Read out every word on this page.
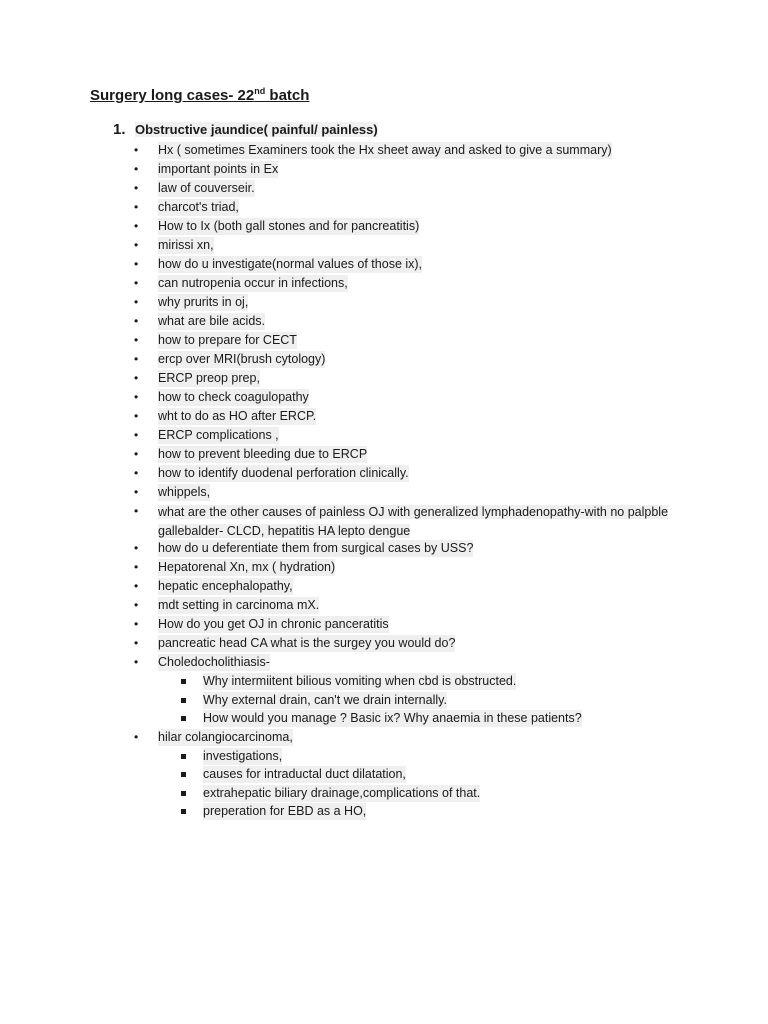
Surgery long cases- 22nd batch
1. Obstructive jaundice( painful/ painless)
• Hx ( sometimes Examiners took the Hx sheet away and asked to give a summary)
• important points in Ex
• law of couverseir.
• charcot's triad,
• How to Ix (both gall stones and for pancreatitis)
• mirissi xn,
• how do u investigate(normal values of those ix),
• can nutropenia occur in infections,
• why prurits in oj,
• what are bile acids.
• how to prepare for CECT
• ercp over MRI(brush cytology)
• ERCP preop prep,
• how to check coagulopathy
• wht to do as HO after ERCP.
• ERCP complications ,
• how to prevent bleeding due to ERCP
• how to identify duodenal perforation clinically.
• whippels,
• what are the other causes of painless OJ with generalized lymphadenopathy-with no palpble gallebalder- CLCD, hepatitis HA lepto dengue
• how do u deferentiate them from surgical cases by USS?
• Hepatorenal Xn, mx ( hydration)
• hepatic encephalopathy,
• mdt setting in carcinoma mX.
• How do you get OJ in chronic panceratitis
• pancreatic head CA what is the surgey you would do?
• Choledocholithiasis-
Why intermiitent bilious vomiting when cbd is obstructed.
Why external drain, can't we drain internally.
How would you manage ? Basic ix? Why anaemia in these patients?
• hilar colangiocarcinoma,
investigations,
causes for intraductal duct dilatation,
extrahepatic biliary drainage,complications of that.
preperation for EBD as a HO,
